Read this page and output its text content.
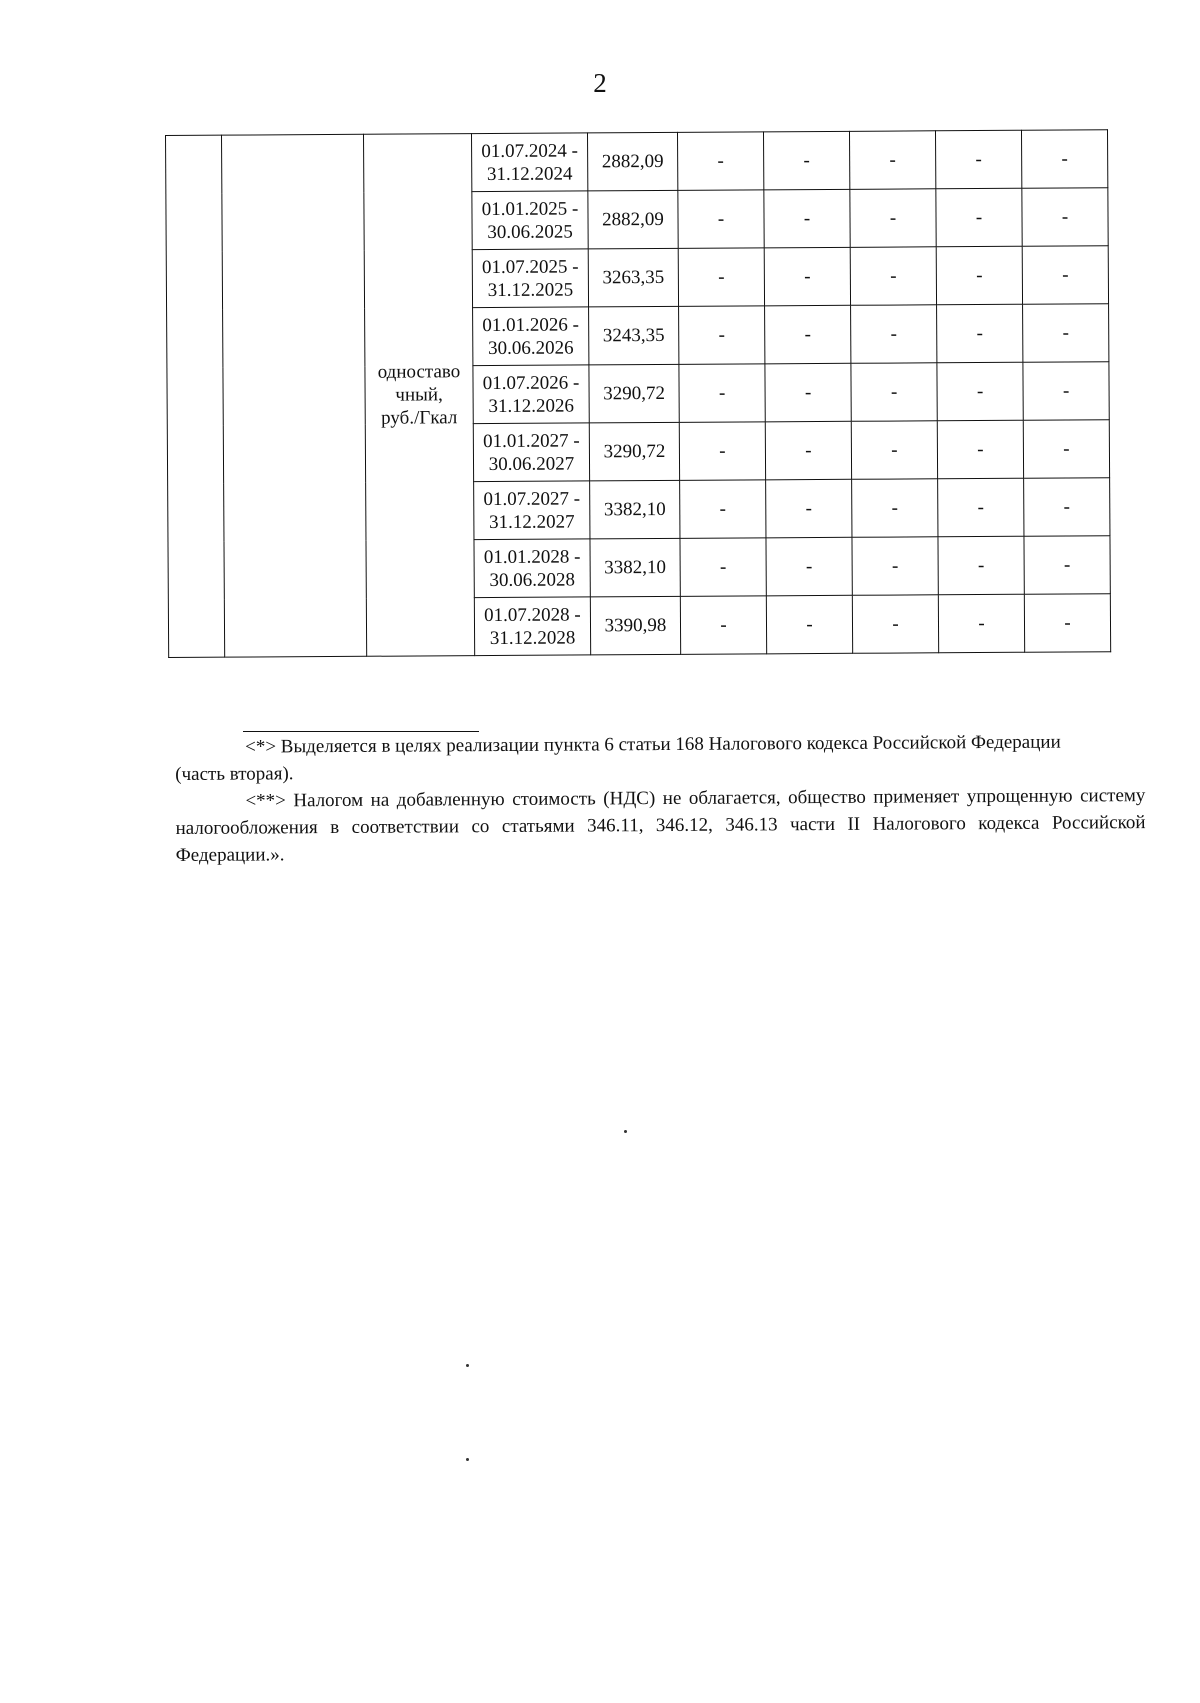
2
		одноставо
чный,
руб./Гкал	01.07.2024 -
31.12.2024	2882,09	-	-	-	-	-
			01.01.2025 -
30.06.2025	2882,09	-	-	-	-	-
			01.07.2025 -
31.12.2025	3263,35	-	-	-	-	-
			01.01.2026 -
30.06.2026	3243,35	-	-	-	-	-
			01.07.2026 -
31.12.2026	3290,72	-	-	-	-	-
			01.01.2027 -
30.06.2027	3290,72	-	-	-	-	-
			01.07.2027 -
31.12.2027	3382,10	-	-	-	-	-
			01.01.2028 -
30.06.2028	3382,10	-	-	-	-	-
			01.07.2028 -
31.12.2028	3390,98	-	-	-	-	-

<*> Выделяется в целях реализации пункта 6 статьи 168 Налогового кодекса Российской Федерации

(часть вторая).

<**> Налогом на добавленную стоимость (НДС) не облагается, общество применяет упрощенную систему налогообложения в соответствии со статьями 346.11, 346.12, 346.13 части II Налогового кодекса Российской Федерации.».
